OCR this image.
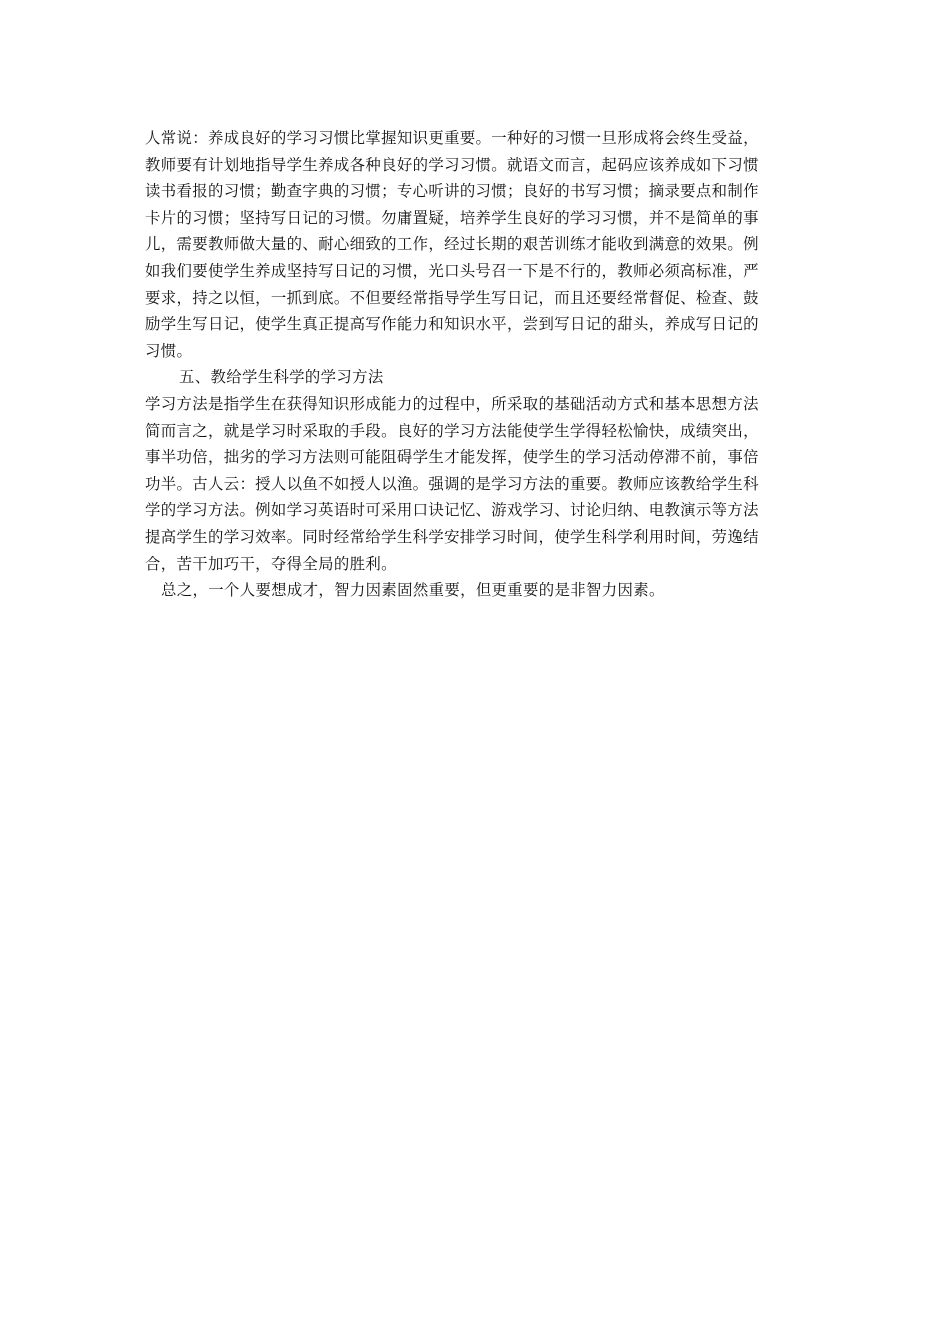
人常说：养成良好的学习习惯比掌握知识更重要。一种好的习惯一旦形成将会终生受益，
教师要有计划地指导学生养成各种良好的学习习惯。就语文而言，起码应该养成如下习惯
读书看报的习惯；勤查字典的习惯；专心听讲的习惯；良好的书写习惯；摘录要点和制作
卡片的习惯；坚持写日记的习惯。勿庸置疑，培养学生良好的学习习惯，并不是简单的事
儿，需要教师做大量的、耐心细致的工作，经过长期的艰苦训练才能收到满意的效果。例
如我们要使学生养成坚持写日记的习惯，光口头号召一下是不行的，教师必须高标准，严
要求，持之以恒，一抓到底。不但要经常指导学生写日记，而且还要经常督促、检查、鼓
励学生写日记，使学生真正提高写作能力和知识水平，尝到写日记的甜头，养成写日记的
习惯。

五、教给学生科学的学习方法

学习方法是指学生在获得知识形成能力的过程中，所采取的基础活动方式和基本思想方法
简而言之，就是学习时采取的手段。良好的学习方法能使学生学得轻松愉快，成绩突出，
事半功倍，拙劣的学习方法则可能阻碍学生才能发挥，使学生的学习活动停滞不前，事倍
功半。古人云：授人以鱼不如授人以渔。强调的是学习方法的重要。教师应该教给学生科
学的学习方法。例如学习英语时可采用口诀记忆、游戏学习、讨论归纳、电教演示等方法
提高学生的学习效率。同时经常给学生科学安排学习时间，使学生科学利用时间，劳逸结
合，苦干加巧干，夺得全局的胜利。

总之，一个人要想成才，智力因素固然重要，但更重要的是非智力因素。
